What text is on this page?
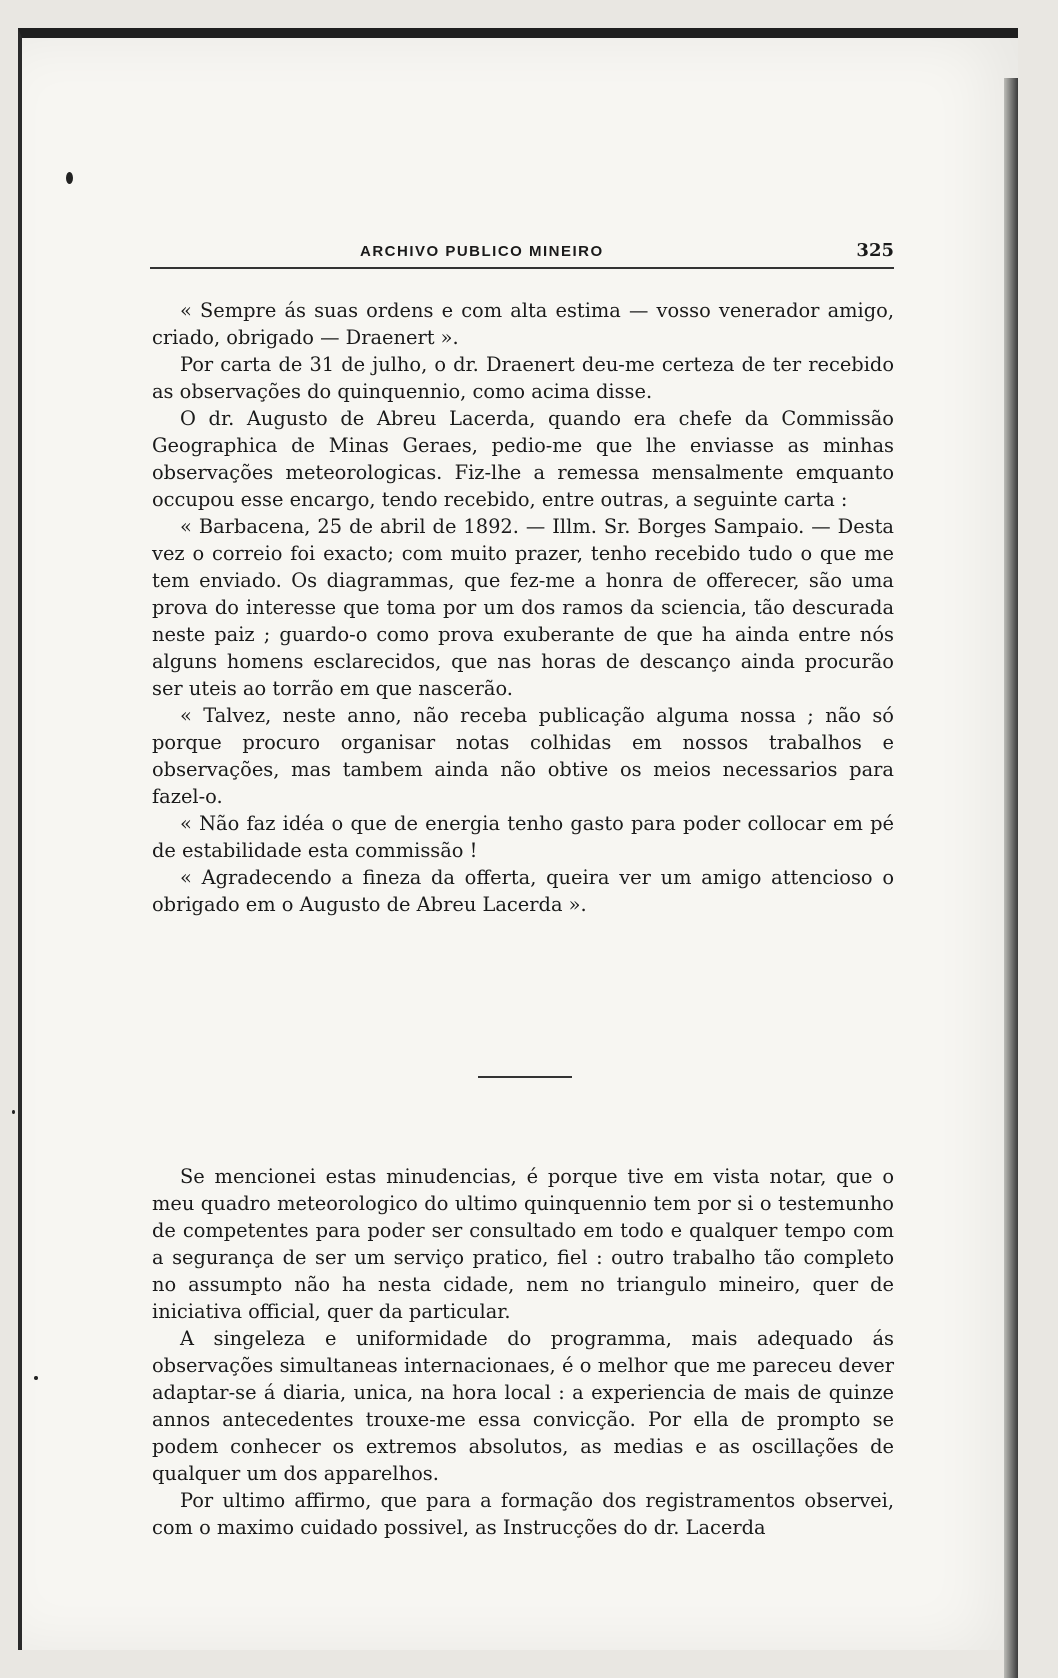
ARCHIVO PUBLICO MINEIRO	325

« Sempre ás suas ordens e com alta estima — vosso venerador amigo, criado, obrigado — Draenert ».

Por carta de 31 de julho, o dr. Draenert deu-me certeza de ter recebido as observações do quinquennio, como acima disse.

O dr. Augusto de Abreu Lacerda, quando era chefe da Commissão Geographica de Minas Geraes, pedio-me que lhe enviasse as minhas observações meteorologicas. Fiz-lhe a remessa mensalmente emquanto occupou esse encargo, tendo recebido, entre outras, a seguinte carta :

« Barbacena, 25 de abril de 1892. — Illm. Sr. Borges Sampaio. — Desta vez o correio foi exacto; com muito prazer, tenho recebido tudo o que me tem enviado. Os diagrammas, que fez-me a honra de offerecer, são uma prova do interesse que toma por um dos ramos da sciencia, tão descurada neste paiz ; guardo-o como prova exuberante de que ha ainda entre nós alguns homens esclarecidos, que nas horas de descanço ainda procurão ser uteis ao torrão em que nascerão.

« Talvez, neste anno, não receba publicação alguma nossa ; não só porque procuro organisar notas colhidas em nossos trabalhos e observações, mas tambem ainda não obtive os meios necessarios para fazel-o.

« Não faz idéa o que de energia tenho gasto para poder collocar em pé de estabilidade esta commissão !

« Agradecendo a fineza da offerta, queira ver um amigo attencioso o obrigado em o Augusto de Abreu Lacerda ».

Se mencionei estas minudencias, é porque tive em vista notar, que o meu quadro meteorologico do ultimo quinquennio tem por si o testemunho de competentes para poder ser consultado em todo e qualquer tempo com a segurança de ser um serviço pratico, fiel : outro trabalho tão completo no assumpto não ha nesta cidade, nem no triangulo mineiro, quer de iniciativa official, quer da particular.

A singeleza e uniformidade do programma, mais adequado ás observações simultaneas internacionaes, é o melhor que me pareceu dever adaptar-se á diaria, unica, na hora local : a experiencia de mais de quinze annos antecedentes trouxe-me essa convicção. Por ella de prompto se podem conhecer os extremos absolutos, as medias e as oscillações de qualquer um dos apparelhos.

Por ultimo affirmo, que para a formação dos registramentos observei, com o maximo cuidado possivel, as Instrucções do dr. Lacerda
